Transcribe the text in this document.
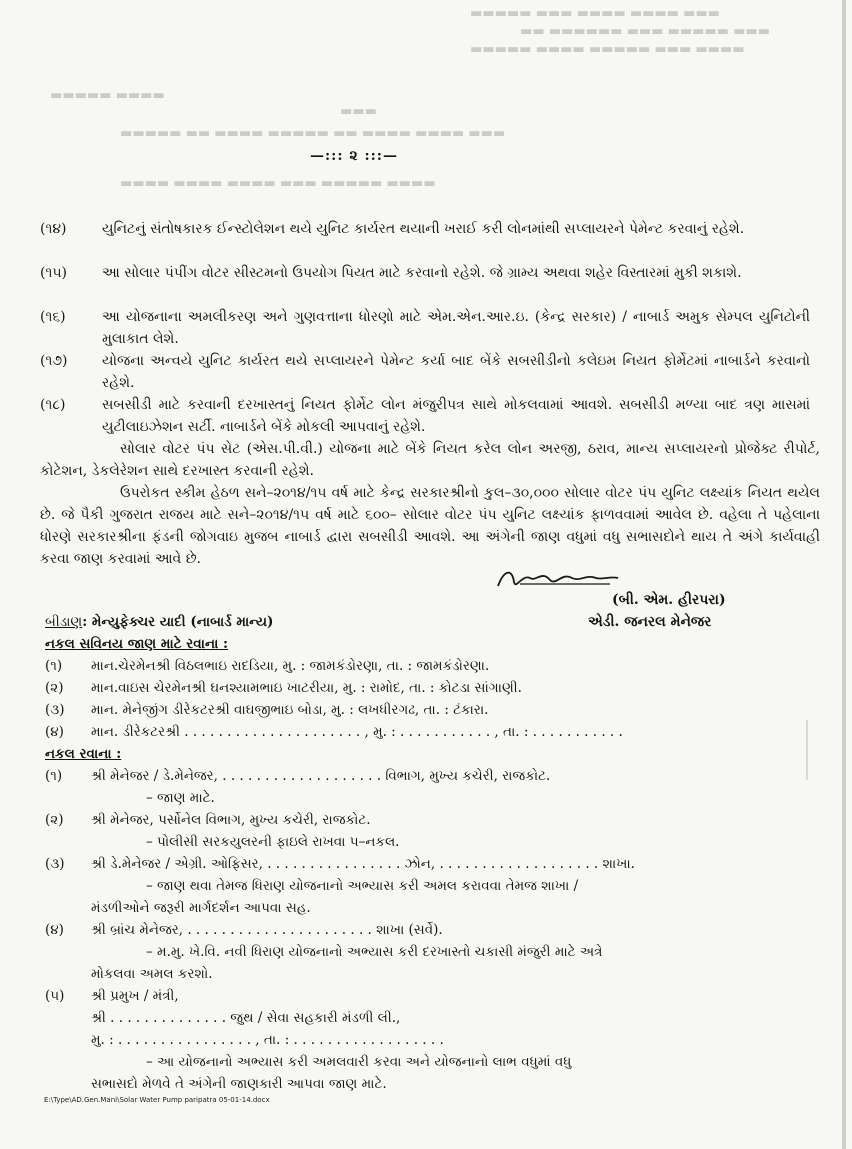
▬▬▬ ▬▬▬▬ ▬▬▬▬ ▬▬▬ ▬▬▬▬▬
▬▬▬ ▬▬▬▬▬ ▬▬▬ ▬▬▬▬▬▬ ▬▬
▬▬▬▬ ▬▬▬ ▬▬▬▬▬ ▬▬▬▬ ▬▬▬▬▬
▬▬▬▬ ▬▬▬▬▬
▬▬▬
▬▬▬ ▬▬▬▬ ▬▬▬▬ ▬▬ ▬▬▬▬▬ ▬▬▬▬ ▬▬ ▬▬▬▬▬
▬▬▬▬ ▬▬▬▬▬ ▬▬▬ ▬▬▬▬ ▬▬▬▬ ▬▬▬▬
—::: ૨ :::—
(૧૪)	યુનિટનું સંતોષકારક ઈન્સ્ટોલેશન થયે યુનિટ કાર્યરત થયાની ખરાઈ કરી લોનમાંથી સપ્લાયરને પેમેન્ટ કરવાનું રહેશે.
(૧૫)	આ સોલાર પંપીંગ વોટર સીસ્ટમનો ઉપયોગ પિયત માટે કરવાનો રહેશે. જે ગ્રામ્ય અથવા શહેર વિસ્તારમાં મુકી શકાશે.
(૧૬)	આ યોજનાના અમલીકરણ અને ગુણવત્તાના ધોરણો માટે એમ.એન.આર.ઇ. (કેન્દ્ર સરકાર) / નાબાર્ડ અમુક સેમ્પલ યુનિટોની મુલાકાત લેશે.
(૧૭)	યોજના અન્વયે યુનિટ કાર્યરત થયે સપ્લાયરને પેમેન્ટ કર્યા બાદ બેંકે સબસીડીનો કલેઇમ નિયત ફોર્મેટમાં નાબાર્ડને કરવાનો રહેશે.
(૧૮)	સબસીડી માટે કરવાની દરખાસ્તનું નિયત ફોર્મેટ લોન મંજુરીપત્ર સાથે મોકલવામાં આવશે. સબસીડી મળ્યા બાદ ત્રણ માસમાં યુટીલાઇઝેશન સર્ટી. નાબાર્ડને બેંકે મોકલી આપવાનું રહેશે.
સોલાર વોટર પંપ સેટ (એસ.પી.વી.) યોજના માટે બેંકે નિયત કરેલ લોન અરજી, ઠરાવ, માન્ય સપ્લાયરનો પ્રોજેક્ટ રીપોર્ટ, કોટેશન, ડેકલેરેશન સાથે દરખાસ્ત કરવાની રહેશે.
ઉપરોકત સ્કીમ હેઠળ સને–૨૦૧૪/૧૫ વર્ષ માટે કેન્દ્ર સરકારશ્રીનો કુલ–૩૦,૦૦૦ સોલાર વોટર પંપ યુનિટ લક્ષ્યાંક નિયત થયેલ છે. જે પૈકી ગુજરાત રાજય માટે સને–૨૦૧૪/૧૫ વર્ષ માટે ૬૦૦– સોલાર વોટર પંપ યુનિટ લક્ષ્યાંક ફાળવવામાં આવેલ છે. વહેલા તે પહેલાના ધોરણે સરકારશ્રીના ફંડની જોગવાઇ મુજબ નાબાર્ડ દ્વારા સબસીડી આવશે. આ અંગેની જાણ વધુમાં વધુ સભાસદોને થાય તે અંગે કાર્યવાહી કરવા જાણ કરવામાં આવે છે.
(બી. એમ. હીરપરા)
એડી. જનરલ મેનેજર
બીડાણ: મેન્યુફેક્ચર યાદી (નાબાર્ડ માન્ય)
નકલ સવિનય જાણ માટે રવાના :
(૧) માન.ચેરમેનશ્રી વિઠલભાઇ રાદડિયા, મુ. : જામકંડોરણા, તા. : જામકંડોરણા.
(૨) માન.વાઇસ ચેરમેનશ્રી ઘનશ્યામભાઇ ખાટરીયા, મુ. : રામોદ, તા. : કોટડા સાંગાણી.
(૩) માન. મેનેજીંગ ડીરેકટરશ્રી વાઘજીભાઇ બોડા, મુ. : લખધીરગઢ, તા. : ટંકારા.
(૪) માન. ડીરેકટરશ્રી . . . . . . . . . . . . . . . . . . . . . , મુ. : . . . . . . . . . . . , તા. : . . . . . . . . . . .
નકલ રવાના :
(૧) શ્રી મેનેજર / ડે.મેનેજર, . . . . . . . . . . . . . . . . . . . વિભાગ, મુખ્ય કચેરી, રાજકોટ.
– જાણ માટે.
(૨) શ્રી મેનેજર, પર્સોનેલ વિભાગ, મુખ્ય કચેરી, રાજકોટ.
– પોલીસી સરકયુલરની ફાઇલે રાખવા ૫–નકલ.
(૩) શ્રી ડે.મેનેજર / એગ્રી. ઓફિસર, . . . . . . . . . . . . . . . . ઝોન, . . . . . . . . . . . . . . . . . . . શાખા.
– જાણ થવા તેમજ ધિરાણ યોજનાનો અભ્યાસ કરી અમલ કરાવવા તેમજ શાખા /
મંડળીઓને જરૂરી માર્ગદર્શન આપવા સહ.
(૪) શ્રી બ્રાંચ મેનેજર, . . . . . . . . . . . . . . . . . . . . . . શાખા (સર્વે).
– મ.મુ. ખે.વિ. નવી ધિરાણ યોજનાનો અભ્યાસ કરી દરખાસ્તો ચકાસી મંજુરી માટે અત્રે
મોકલવા અમલ કરશો.
(૫) શ્રી પ્રમુખ / મંત્રી,
શ્રી . . . . . . . . . . . . . . જુથ / સેવા સહકારી મંડળી લી.,
મુ. : . . . . . . . . . . . . . . . . , તા. : . . . . . . . . . . . . . . . . . .
– આ યોજનાનો અભ્યાસ કરી અમલવારી કરવા અને યોજનાનો લાભ વધુમાં વધુ
સભાસદો મેળવે તે અંગેની જાણકારી આપવા જાણ માટે.
E:\Type\AD.Gen.Mani\Solar Water Pump paripatra 05-01-14.docx
